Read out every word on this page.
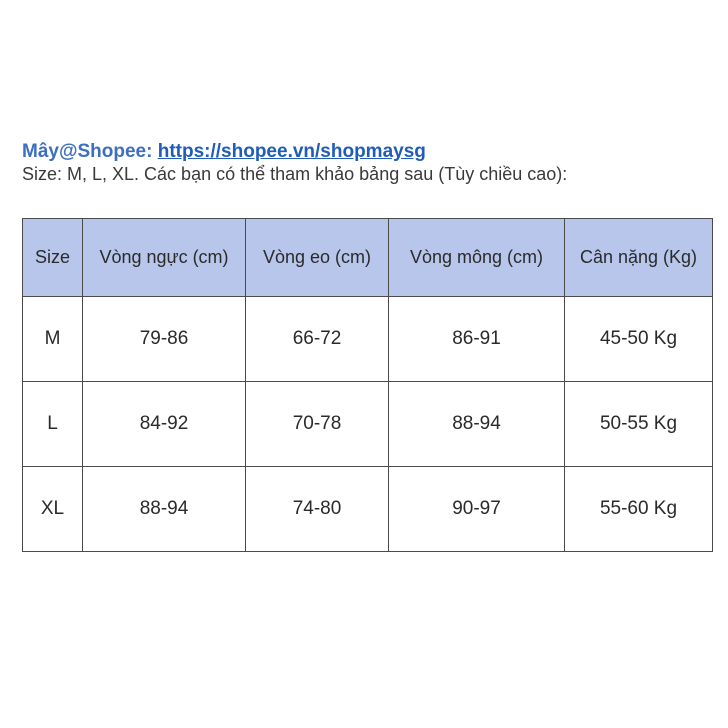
Mây@Shopee: https://shopee.vn/shopmaysg
Size: M, L, XL. Các bạn có thể tham khảo bảng sau (Tùy chiều cao):
Size	Vòng ngực (cm)	Vòng eo (cm)	Vòng mông (cm)	Cân nặng (Kg)
M	79-86	66-72	86-91	45-50 Kg
L	84-92	70-78	88-94	50-55 Kg
XL	88-94	74-80	90-97	55-60 Kg
